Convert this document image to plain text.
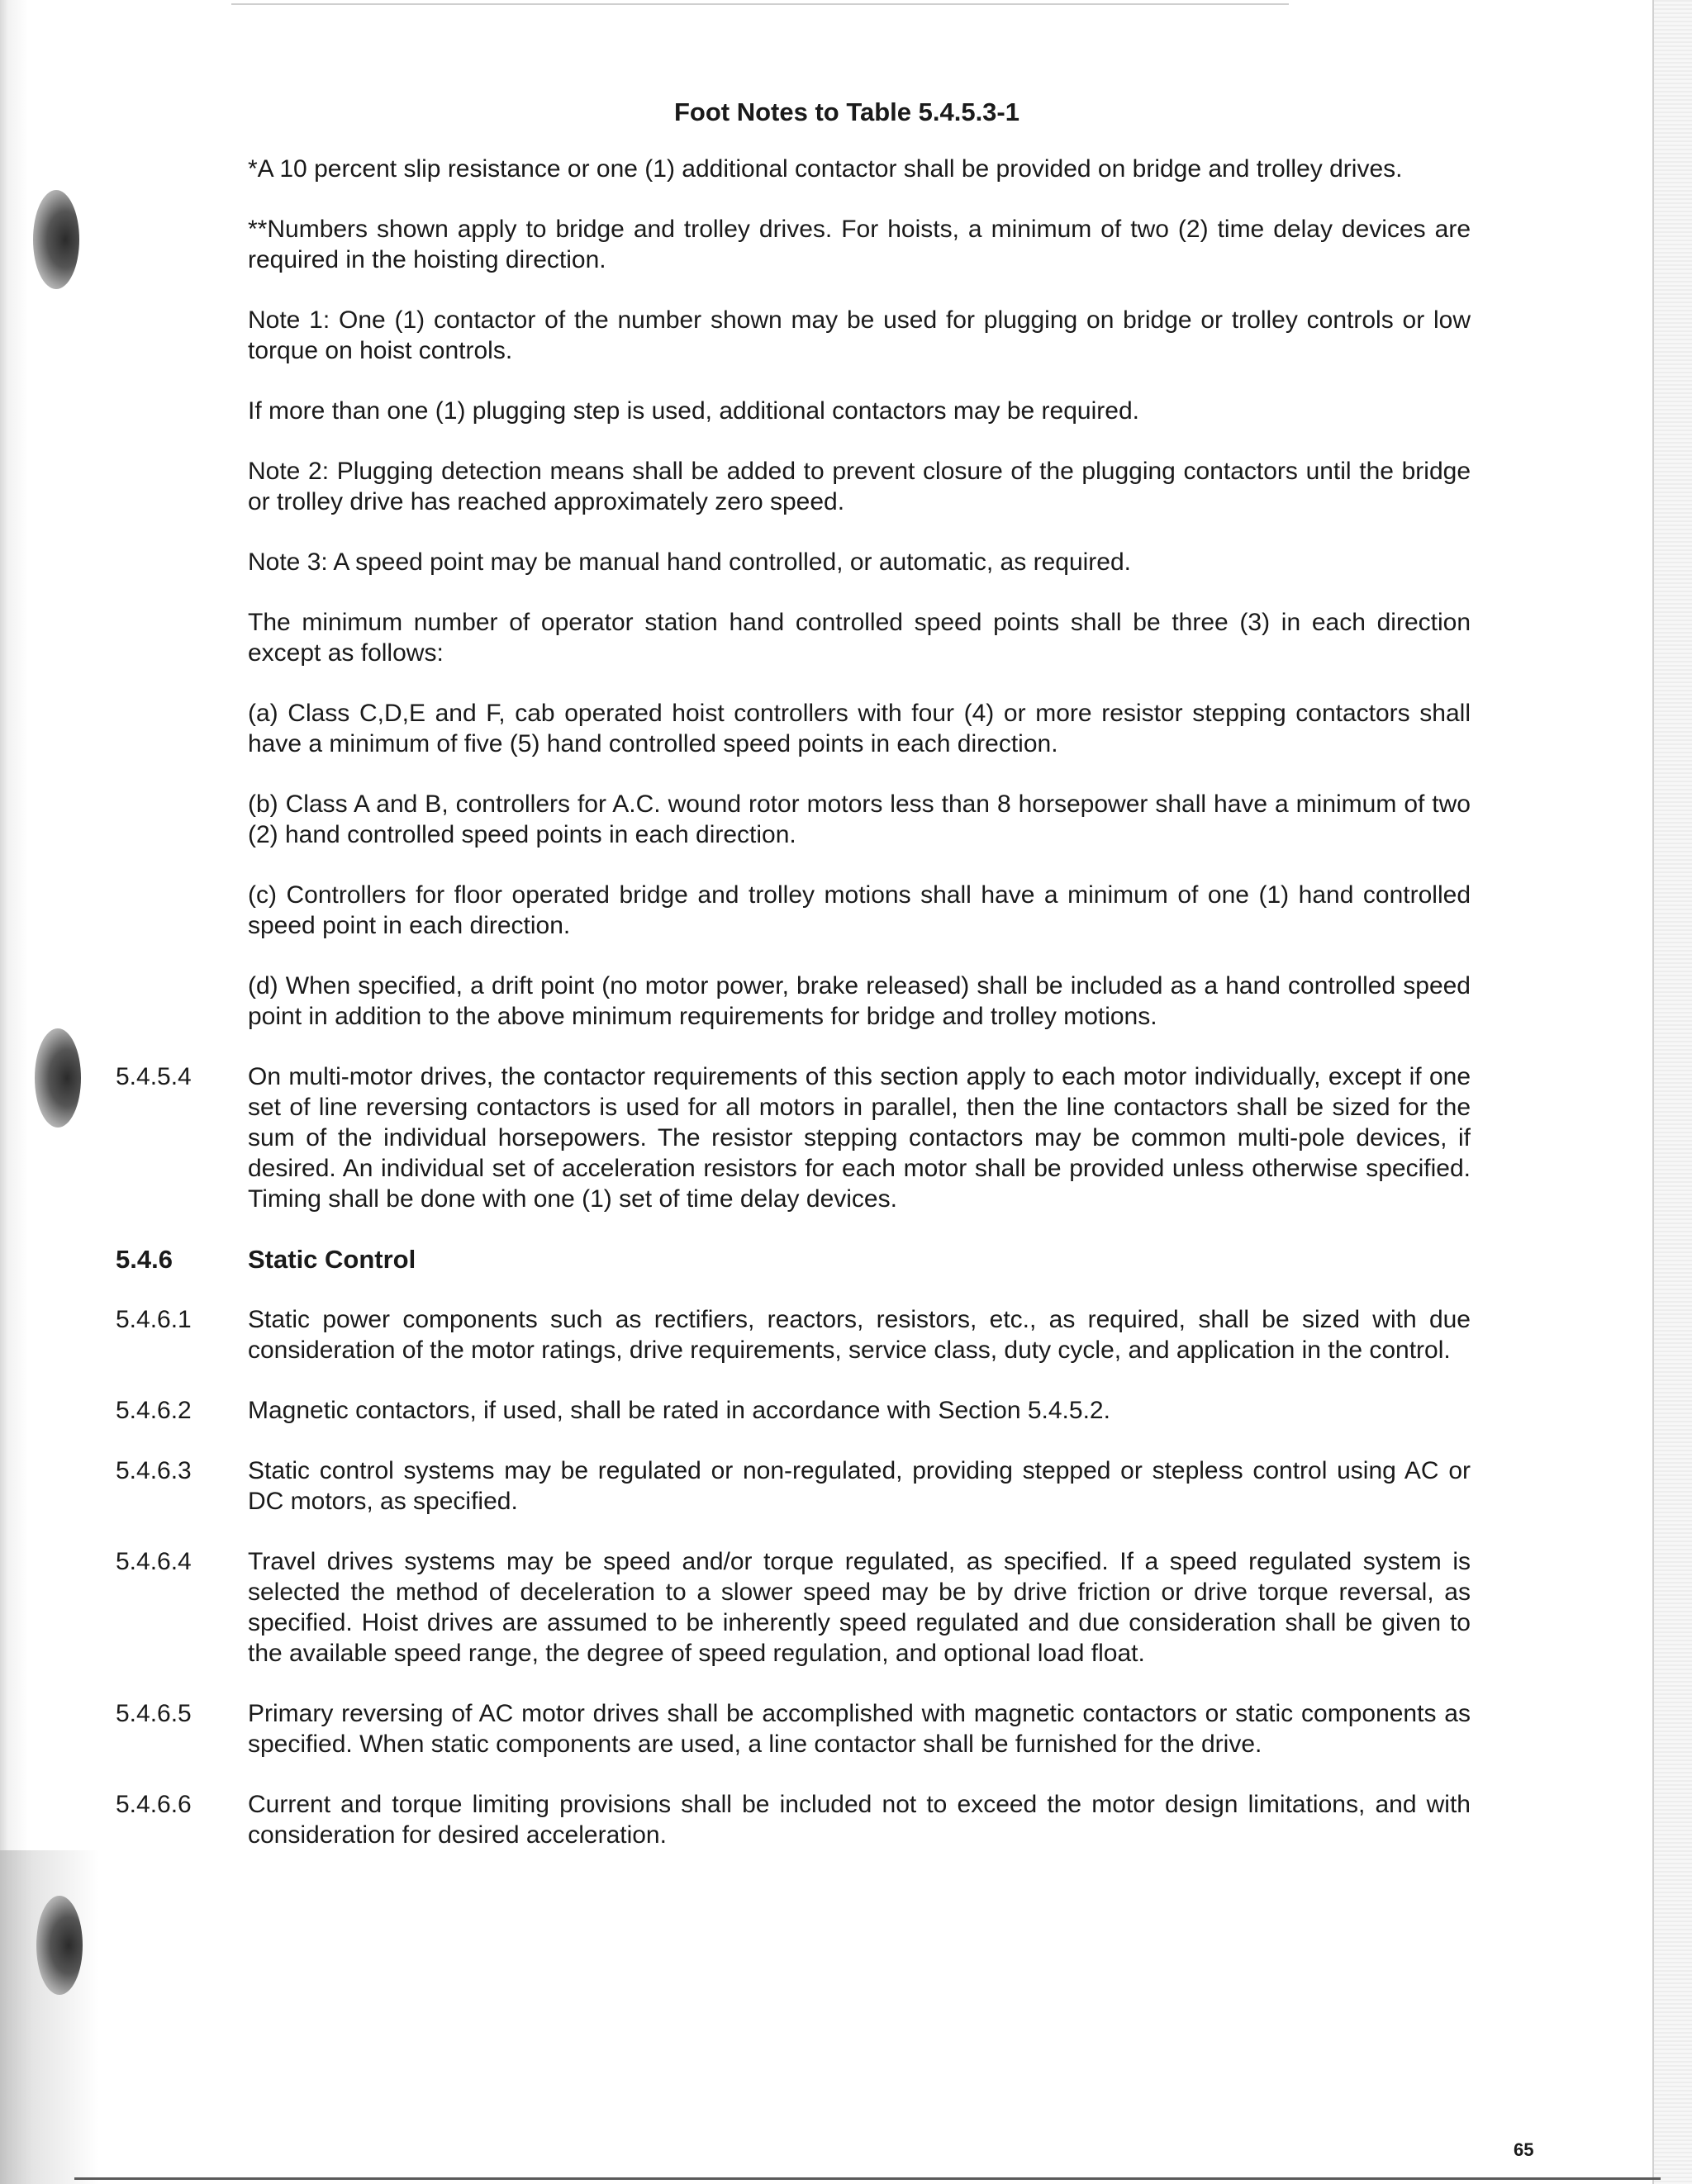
Foot Notes to Table 5.4.5.3-1

*A 10 percent slip resistance or one (1) additional contactor shall be provided on bridge and trolley drives.

**Numbers shown apply to bridge and trolley drives. For hoists, a minimum of two (2) time delay devices are required in the hoisting direction.

Note 1: One (1) contactor of the number shown may be used for plugging on bridge or trolley controls or low torque on hoist controls.

If more than one (1) plugging step is used, additional contactors may be required.

Note 2: Plugging detection means shall be added to prevent closure of the plugging contactors until the bridge or trolley drive has reached approximately zero speed.

Note 3: A speed point may be manual hand controlled, or automatic, as required.

The minimum number of operator station hand controlled speed points shall be three (3) in each direction except as follows:

(a) Class C,D,E and F, cab operated hoist controllers with four (4) or more resistor stepping contactors shall have a minimum of five (5) hand controlled speed points in each direction.

(b) Class A and B, controllers for A.C. wound rotor motors less than 8 horsepower shall have a minimum of two (2) hand controlled speed points in each direction.

(c) Controllers for floor operated bridge and trolley motions shall have a minimum of one (1) hand controlled speed point in each direction.

(d) When specified, a drift point (no motor power, brake released) shall be included as a hand controlled speed point in addition to the above minimum requirements for bridge and trolley motions.

5.4.5.4	On multi-motor drives, the contactor requirements of this section apply to each motor individually, except if one set of line reversing contactors is used for all motors in parallel, then the line contactors shall be sized for the sum of the individual horsepowers. The resistor stepping contactors may be common multi-pole devices, if desired. An individual set of acceleration resistors for each motor shall be provided unless otherwise specified. Timing shall be done with one (1) set of time delay devices.
5.4.6	Static Control
5.4.6.1	Static power components such as rectifiers, reactors, resistors, etc., as required, shall be sized with due consideration of the motor ratings, drive requirements, service class, duty cycle, and application in the control.
5.4.6.2	Magnetic contactors, if used, shall be rated in accordance with Section 5.4.5.2.
5.4.6.3	Static control systems may be regulated or non-regulated, providing stepped or stepless control using AC or DC motors, as specified.
5.4.6.4	Travel drives systems may be speed and/or torque regulated, as specified. If a speed regulated system is selected the method of deceleration to a slower speed may be by drive friction or drive torque reversal, as specified. Hoist drives are assumed to be inherently speed regulated and due consideration shall be given to the available speed range, the degree of speed regulation, and optional load float.
5.4.6.5	Primary reversing of AC motor drives shall be accomplished with magnetic contactors or static components as specified. When static components are used, a line contactor shall be furnished for the drive.
5.4.6.6	Current and torque limiting provisions shall be included not to exceed the motor design limitations, and with consideration for desired acceleration.
65
